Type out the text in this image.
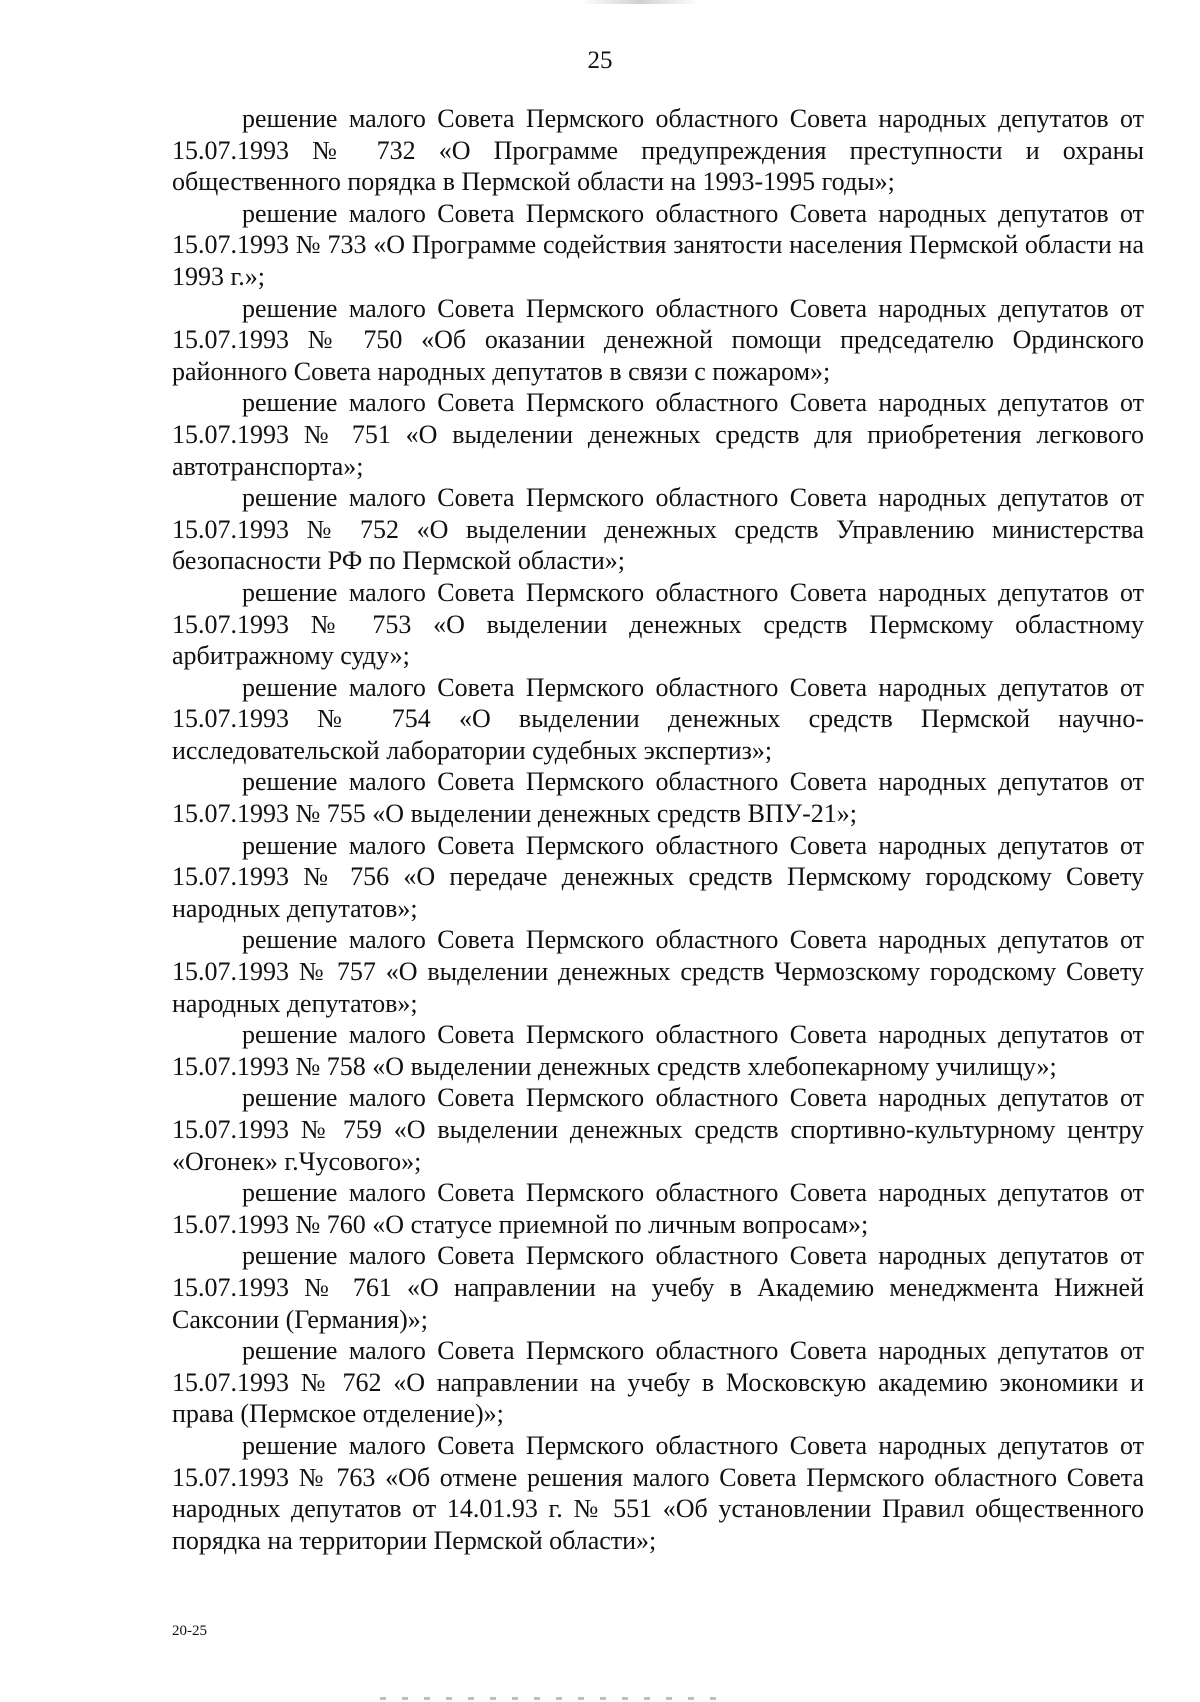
25

решение малого Совета Пермского областного Совета народных депутатов от 15.07.1993 № 732 «О Программе предупреждения преступности и охраны общественного порядка в Пермской области на 1993-1995 годы»;

решение малого Совета Пермского областного Совета народных депутатов от 15.07.1993 № 733 «О Программе содействия занятости населения Пермской области на 1993 г.»;

решение малого Совета Пермского областного Совета народных депутатов от 15.07.1993 № 750 «Об оказании денежной помощи председателю Ординского районного Совета народных депутатов в связи с пожаром»;

решение малого Совета Пермского областного Совета народных депутатов от 15.07.1993 № 751 «О выделении денежных средств для приобретения легкового автотранспорта»;

решение малого Совета Пермского областного Совета народных депутатов от 15.07.1993 № 752 «О выделении денежных средств Управлению министерства безопасности РФ по Пермской области»;

решение малого Совета Пермского областного Совета народных депутатов от 15.07.1993 № 753 «О выделении денежных средств Пермскому областному арбитражному суду»;

решение малого Совета Пермского областного Совета народных депутатов от 15.07.1993 № 754 «О выделении денежных средств Пермской научно-исследовательской лаборатории судебных экспертиз»;

решение малого Совета Пермского областного Совета народных депутатов от 15.07.1993 № 755 «О выделении денежных средств ВПУ-21»;

решение малого Совета Пермского областного Совета народных депутатов от 15.07.1993 № 756 «О передаче денежных средств Пермскому городскому Совету народных депутатов»;

решение малого Совета Пермского областного Совета народных депутатов от 15.07.1993 № 757 «О выделении денежных средств Чермозскому городскому Совету народных депутатов»;

решение малого Совета Пермского областного Совета народных депутатов от 15.07.1993 № 758 «О выделении денежных средств хлебопекарному училищу»;

решение малого Совета Пермского областного Совета народных депутатов от 15.07.1993 № 759 «О выделении денежных средств спортивно-культурному центру «Огонек» г.Чусового»;

решение малого Совета Пермского областного Совета народных депутатов от 15.07.1993 № 760 «О статусе приемной по личным вопросам»;

решение малого Совета Пермского областного Совета народных депутатов от 15.07.1993 № 761 «О направлении на учебу в Академию менеджмента Нижней Саксонии (Германия)»;

решение малого Совета Пермского областного Совета народных депутатов от 15.07.1993 № 762 «О направлении на учебу в Московскую академию экономики и права (Пермское отделение)»;

решение малого Совета Пермского областного Совета народных депутатов от 15.07.1993 № 763 «Об отмене решения малого Совета Пермского областного Совета народных депутатов от 14.01.93 г. № 551 «Об установлении Правил общественного порядка на территории Пермской области»;

20-25
